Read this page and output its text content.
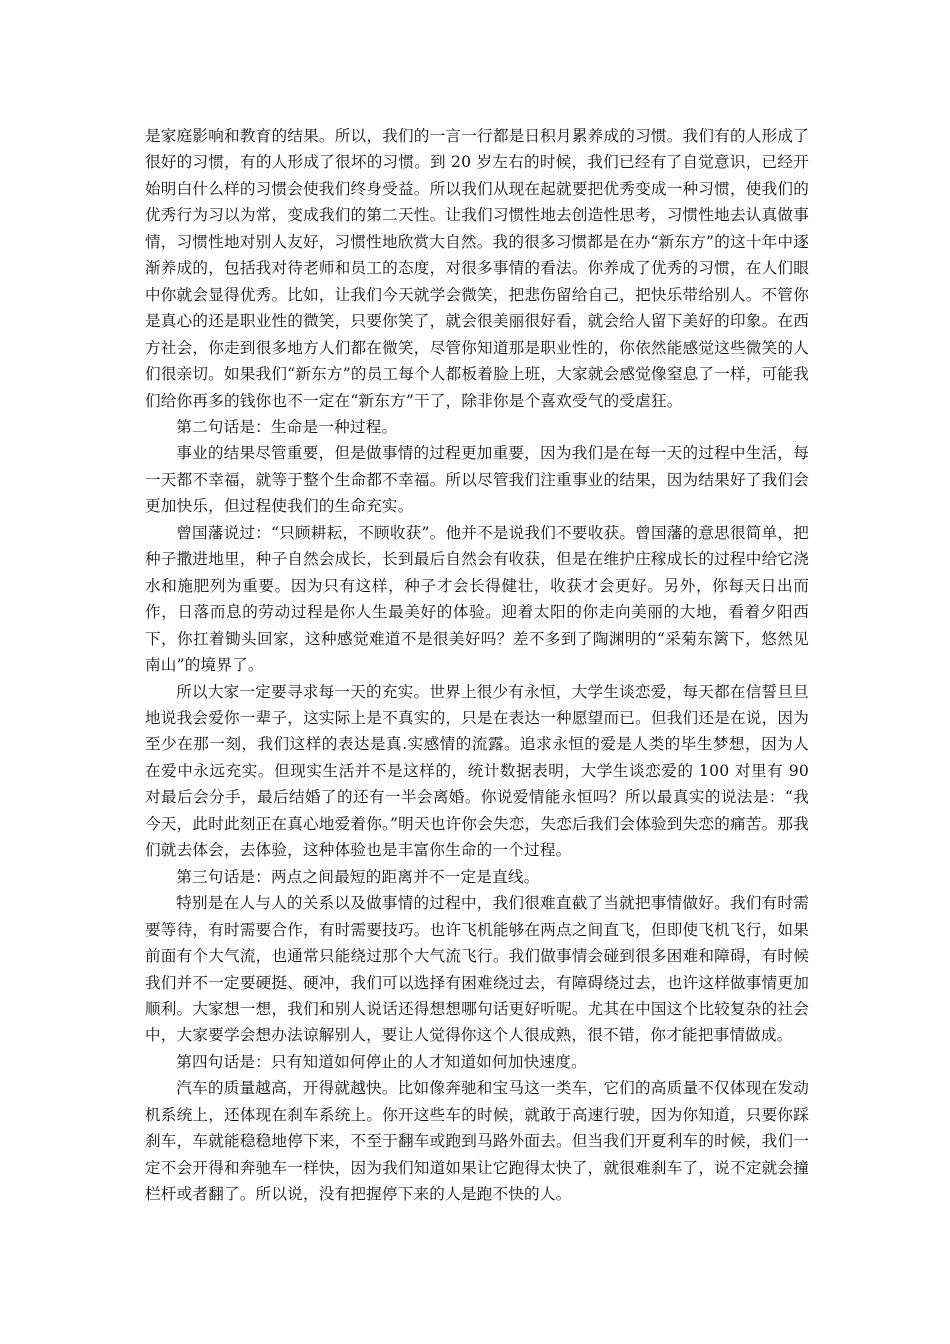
是家庭影响和教育的结果。所以，我们的一言一行都是日积月累养成的习惯。我们有的人形成了很好的习惯，有的人形成了很坏的习惯。到 20 岁左右的时候，我们已经有了自觉意识，已经开始明白什么样的习惯会使我们终身受益。所以我们从现在起就要把优秀变成一种习惯，使我们的优秀行为习以为常，变成我们的第二天性。让我们习惯性地去创造性思考，习惯性地去认真做事情，习惯性地对别人友好，习惯性地欣赏大自然。我的很多习惯都是在办“新东方”的这十年中逐渐养成的，包括我对待老师和员工的态度，对很多事情的看法。你养成了优秀的习惯，在人们眼中你就会显得优秀。比如，让我们今天就学会微笑，把悲伤留给自己，把快乐带给别人。不管你是真心的还是职业性的微笑，只要你笑了，就会很美丽很好看，就会给人留下美好的印象。在西方社会，你走到很多地方人们都在微笑，尽管你知道那是职业性的，你依然能感觉这些微笑的人们很亲切。如果我们“新东方”的员工每个人都板着脸上班，大家就会感觉像窒息了一样，可能我们给你再多的钱你也不一定在“新东方”干了，除非你是个喜欢受气的受虐狂。

第二句话是：生命是一种过程。

事业的结果尽管重要，但是做事情的过程更加重要，因为我们是在每一天的过程中生活，每一天都不幸福，就等于整个生命都不幸福。所以尽管我们注重事业的结果，因为结果好了我们会更加快乐，但过程使我们的生命充实。

曾国藩说过：“只顾耕耘，不顾收获”。他并不是说我们不要收获。曾国藩的意思很简单，把种子撒进地里，种子自然会成长，长到最后自然会有收获，但是在维护庄稼成长的过程中给它浇水和施肥列为重要。因为只有这样，种子才会长得健壮，收获才会更好。另外，你每天日出而作，日落而息的劳动过程是你人生最美好的体验。迎着太阳的你走向美丽的大地，看着夕阳西下，你扛着锄头回家，这种感觉难道不是很美好吗？差不多到了陶渊明的“采菊东篱下，悠然见南山”的境界了。

所以大家一定要寻求每一天的充实。世界上很少有永恒，大学生谈恋爱，每天都在信誓旦旦地说我会爱你一辈子，这实际上是不真实的，只是在表达一种愿望而已。但我们还是在说，因为至少在那一刻，我们这样的表达是真.实感情的流露。追求永恒的爱是人类的毕生梦想，因为人在爱中永远充实。但现实生活并不是这样的，统计数据表明，大学生谈恋爱的 100 对里有 90 对最后会分手，最后结婚了的还有一半会离婚。你说爱情能永恒吗？所以最真实的说法是：“我今天，此时此刻正在真心地爱着你。”明天也许你会失恋，失恋后我们会体验到失恋的痛苦。那我们就去体会，去体验，这种体验也是丰富你生命的一个过程。

第三句话是：两点之间最短的距离并不一定是直线。

特别是在人与人的关系以及做事情的过程中，我们很难直截了当就把事情做好。我们有时需要等待，有时需要合作，有时需要技巧。也许飞机能够在两点之间直飞，但即使飞机飞行，如果前面有个大气流，也通常只能绕过那个大气流飞行。我们做事情会碰到很多困难和障碍，有时候我们并不一定要硬挺、硬冲，我们可以选择有困难绕过去，有障碍绕过去，也许这样做事情更加顺利。大家想一想，我们和别人说话还得想想哪句话更好听呢。尤其在中国这个比较复杂的社会中，大家要学会想办法谅解别人，要让人觉得你这个人很成熟，很不错，你才能把事情做成。

第四句话是：只有知道如何停止的人才知道如何加快速度。

汽车的质量越高，开得就越快。比如像奔驰和宝马这一类车，它们的高质量不仅体现在发动机系统上，还体现在刹车系统上。你开这些车的时候，就敢于高速行驶，因为你知道，只要你踩刹车，车就能稳稳地停下来，不至于翻车或跑到马路外面去。但当我们开夏利车的时候，我们一定不会开得和奔驰车一样快，因为我们知道如果让它跑得太快了，就很难刹车了，说不定就会撞栏杆或者翻了。所以说，没有把握停下来的人是跑不快的人。
